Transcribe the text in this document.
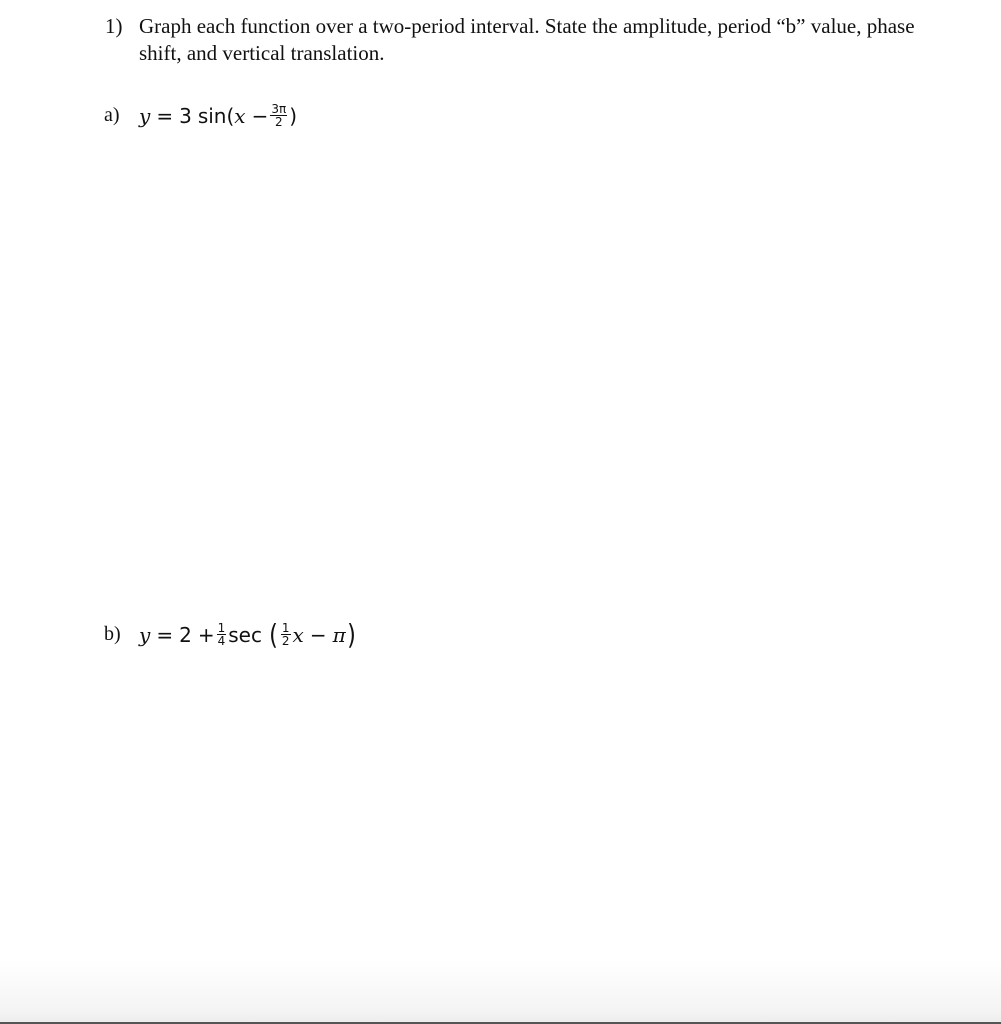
1) Graph each function over a two-period interval. State the amplitude, period “b” value, phase shift, and vertical translation.
a) y = 3 sin ( $x - \frac{3\pi}{2}$ )
b) $y = 2 + \frac{1}{4}$ sec ( $\frac{1}{2}$ x − π )
